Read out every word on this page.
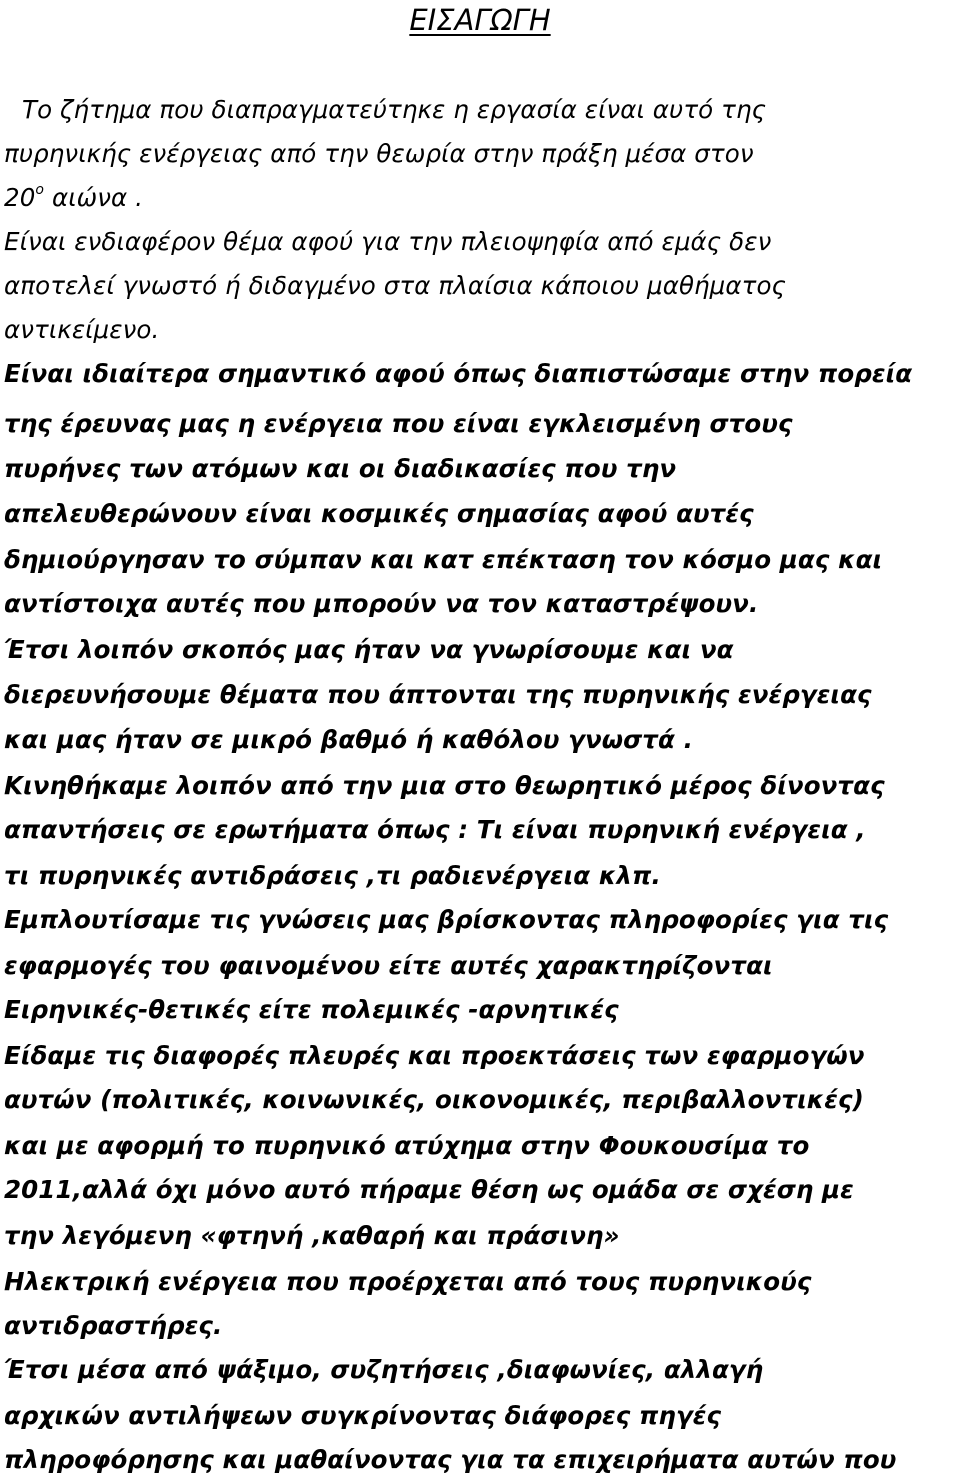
ΕΙΣΑΓΩΓΗ
Το ζήτημα που διαπραγματεύτηκε η εργασία είναι αυτό της
πυρηνικής ενέργειας από την θεωρία στην πράξη μέσα στον
$20^o$ αιώνα .
Είναι ενδιαφέρον θέμα αφού για την πλειοψηφία από εμάς δεν
αποτελεί γνωστό ή διδαγμένο στα πλαίσια κάποιου μαθήματος
αντικείμενο.
Είναι ιδιαίτερα σημαντικό αφού όπως διαπιστώσαμε στην πορεία
της έρευνας μας η ενέργεια που είναι εγκλεισμένη στους
πυρήνες των ατόμων και οι διαδικασίες που την
απελευθερώνουν είναι κοσμικές σημασίας αφού αυτές
δημιούργησαν το σύμπαν και κατ επέκταση τον κόσμο μας και
αντίστοιχα αυτές που μπορούν να τον καταστρέψουν.
Έτσι λοιπόν σκοπός μας ήταν να γνωρίσουμε και να
διερευνήσουμε θέματα που άπτονται της πυρηνικής ενέργειας
και μας ήταν σε μικρό βαθμό ή καθόλου γνωστά .
Κινηθήκαμε λοιπόν από την μια στο θεωρητικό μέρος δίνοντας
απαντήσεις σε ερωτήματα όπως : Τι είναι πυρηνική ενέργεια ,
τι πυρηνικές αντιδράσεις ,τι ραδιενέργεια κλπ.
Εμπλουτίσαμε τις γνώσεις μας βρίσκοντας πληροφορίες για τις
εφαρμογές του φαινομένου είτε αυτές χαρακτηρίζονται
Ειρηνικές-θετικές είτε πολεμικές -αρνητικές
Είδαμε τις διαφορές πλευρές και προεκτάσεις των εφαρμογών
αυτών (πολιτικές, κοινωνικές, οικονομικές, περιβαλλοντικές)
και με αφορμή το πυρηνικό ατύχημα στην Φουκουσίμα το
2011,αλλά όχι μόνο αυτό πήραμε θέση ως ομάδα σε σχέση με
την λεγόμενη «φτηνή ,καθαρή και πράσινη»
Ηλεκτρική ενέργεια που προέρχεται από τους πυρηνικούς
αντιδραστήρες.
Έτσι μέσα από ψάξιμο, συζητήσεις ,διαφωνίες, αλλαγή
αρχικών αντιλήψεων συγκρίνοντας διάφορες πηγές
πληροφόρησης και μαθαίνοντας για τα επιχειρήματα αυτών που
